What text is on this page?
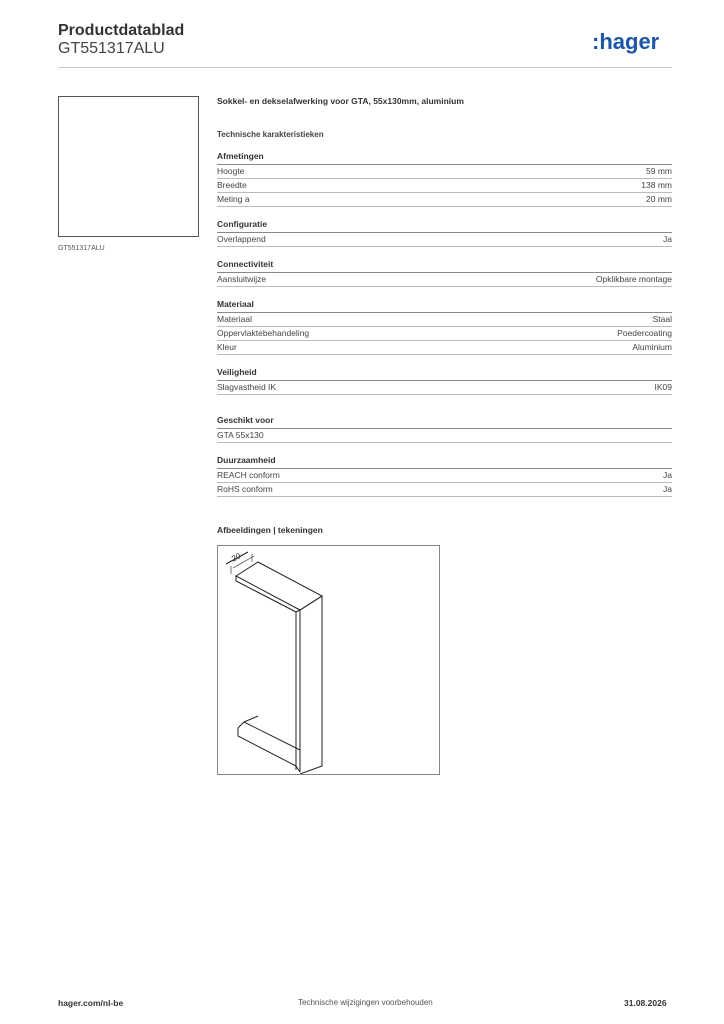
Productdatablad
GT551317ALU	:hager
GT551317ALU
Sokkel- en dekselafwerking voor GTA, 55x130mm, aluminium
Technische karakteristieken
Afmetingen
Hoogte	59 mm
Breedte	138 mm
Meting a	20 mm
Configuratie
Overlappend	Ja
Connectiviteit
Aansluitwijze	Opklikbare montage
Materiaal
Materiaal	Staal
Oppervlaktebehandeling	Poedercoating
Kleur	Aluminium
Veiligheid
Slagvastheid IK	IK09
Geschikt voor
GTA 55x130
Duurzaamheid
REACH conform	Ja
RoHS conform	Ja
Afbeeldingen | tekeningen
20
hager.com/nl-be	Technische wijzigingen voorbehouden	31.08.2026
